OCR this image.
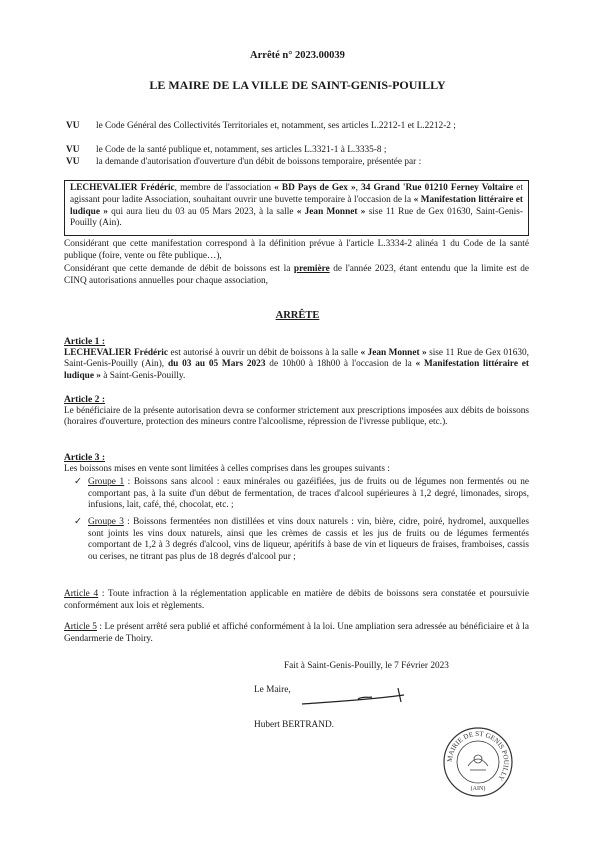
Arrêté n° 2023.00039
LE MAIRE DE LA VILLE DE SAINT-GENIS-POUILLY
VU le Code Général des Collectivités Territoriales et, notamment, ses articles L.2212-1 et L.2212-2 ;
VU le Code de la santé publique et, notamment, ses articles L.3321-1 à L.3335-8 ;
VU la demande d'autorisation d'ouverture d'un débit de boissons temporaire, présentée par :
LECHEVALIER Frédéric, membre de l'association « BD Pays de Gex », 34 Grand 'Rue 01210 Ferney Voltaire et agissant pour ladite Association, souhaitant ouvrir une buvette temporaire à l'occasion de la « Manifestation littéraire et ludique » qui aura lieu du 03 au 05 Mars 2023, à la salle « Jean Monnet » sise 11 Rue de Gex 01630, Saint-Genis-Pouilly (Ain).
Considérant que cette manifestation correspond à la définition prévue à l'article L.3334-2 alinéa 1 du Code de la santé publique (foire, vente ou fête publique…),
Considérant que cette demande de débit de boissons est la première de l'année 2023, étant entendu que la limite est de CINQ autorisations annuelles pour chaque association,
ARRÊTE
Article 1 :
LECHEVALIER Frédéric est autorisé à ouvrir un débit de boissons à la salle « Jean Monnet » sise 11 Rue de Gex 01630, Saint-Genis-Pouilly (Ain), du 03 au 05 Mars 2023 de 10h00 à 18h00 à l'occasion de la « Manifestation littéraire et ludique » à Saint-Genis-Pouilly.
Article 2 :
Le bénéficiaire de la présente autorisation devra se conformer strictement aux prescriptions imposées aux débits de boissons (horaires d'ouverture, protection des mineurs contre l'alcoolisme, répression de l'ivresse publique, etc.).
Article 3 :
Les boissons mises en vente sont limitées à celles comprises dans les groupes suivants :
✓ Groupe 1 : Boissons sans alcool : eaux minérales ou gazéifiées, jus de fruits ou de légumes non fermentés ou ne comportant pas, à la suite d'un début de fermentation, de traces d'alcool supérieures à 1,2 degré, limonades, sirops, infusions, lait, café, thé, chocolat, etc. ;
✓ Groupe 3 : Boissons fermentées non distillées et vins doux naturels : vin, bière, cidre, poiré, hydromel, auxquelles sont joints les vins doux naturels, ainsi que les crèmes de cassis et les jus de fruits ou de légumes fermentés comportant de 1,2 à 3 degrés d'alcool, vins de liqueur, apéritifs à base de vin et liqueurs de fraises, framboises, cassis ou cerises, ne titrant pas plus de 18 degrés d'alcool pur ;
Article 4 : Toute infraction à la réglementation applicable en matière de débits de boissons sera constatée et poursuivie conformément aux lois et règlements.
Article 5 : Le présent arrêté sera publié et affiché conformément à la loi. Une ampliation sera adressée au bénéficiaire et à la Gendarmerie de Thoiry.
Fait à Saint-Genis-Pouilly, le 7 Février 2023
Le Maire,
Hubert BERTRAND.
MAIRIE DE ST GENIS POUILLY
(AIN)
